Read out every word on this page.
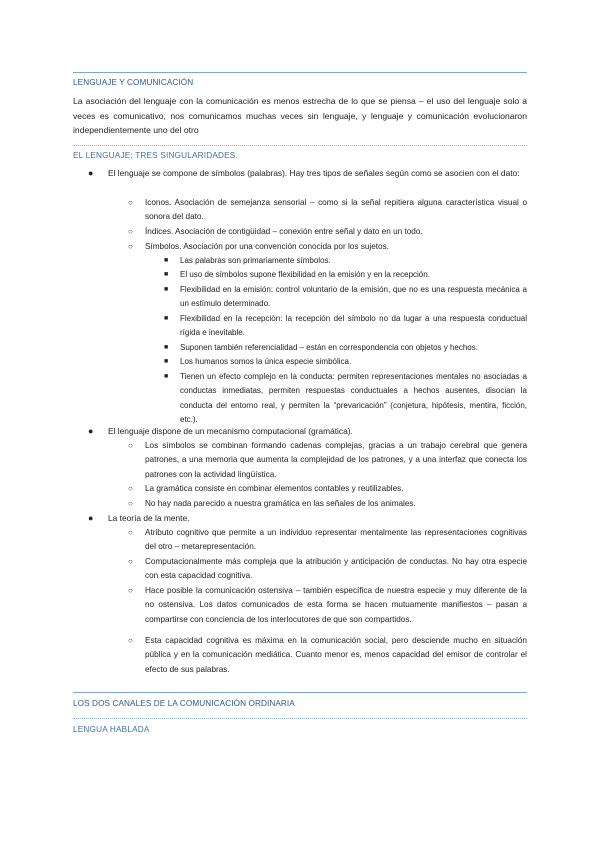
LENGUAJE Y COMUNICACIÓN
La asociación del lenguaje con la comunicación es menos estrecha de lo que se piensa – el uso del lenguaje solo a veces es comunicativo, nos comunicamos muchas veces sin lenguaje, y lenguaje y comunicación evolucionaron independientemente uno del otro
EL LENGUAJE: TRES SINGULARIDADES.
● El lenguaje se compone de símbolos (palabras). Hay tres tipos de señales según como se asocien con el dato:
○ Iconos. Asociación de semejanza sensorial – como si la señal repitiera alguna característica visual o sonora del dato.
○ Índices. Asociación de contigüidad – conexión entre señal y dato en un todo.
○ Símbolos. Asociación por una convención conocida por los sujetos.
■ Las palabras son primariamente símbolos.
■ El uso de símbolos supone flexibilidad en la emisión y en la recepción.
■ Flexibilidad en la emisión: control voluntario de la emisión, que no es una respuesta mecánica a un estímulo determinado.
■ Flexibilidad en la recepción: la recepción del símbolo no da lugar a una respuesta conductual rígida e inevitable.
■ Suponen también referencialidad – están en correspondencia con objetos y hechos.
■ Los humanos somos la única especie simbólica.
■ Tienen un efecto complejo en la conducta: permiten representaciones mentales no asociadas a conductas inmediatas, permiten respuestas conductuales a hechos ausentes, disocian la conducta del entorno real, y permiten la “prevaricación” (conjetura, hipótesis, mentira, ficción, etc.).
● El lenguaje dispone de un mecanismo computacional (gramática).
○ Los símbolos se combinan formando cadenas complejas, gracias a un trabajo cerebral que genera patrones, a una memoria que aumenta la complejidad de los patrones, y a una interfaz que conecta los patrones con la actividad lingüística.
○ La gramática consiste en combinar elementos contables y reutilizables.
○ No hay nada parecido a nuestra gramática en las señales de los animales.
● La teoría de la mente.
○ Atributo cognitivo que permite a un individuo representar mentalmente las representaciones cognitivas del otro – metarepresentación.
○ Computacionalmente más compleja que la atribución y anticipación de conductas. No hay otra especie con esta capacidad cognitiva.
○ Hace posible la comunicación ostensiva – también específica de nuestra especie y muy diferente de la no ostensiva. Los datos comunicados de esta forma se hacen mutuamente manifiestos – pasan a compartirse con conciencia de los interlocutores de que son compartidos.
○ Esta capacidad cognitiva es máxima en la comunicación social, pero desciende mucho en situación pública y en la comunicación mediática. Cuanto menor es, menos capacidad del emisor de controlar el efecto de sus palabras.
LOS DOS CANALES DE LA COMUNICACIÓN ORDINARIA
LENGUA HABLADA
